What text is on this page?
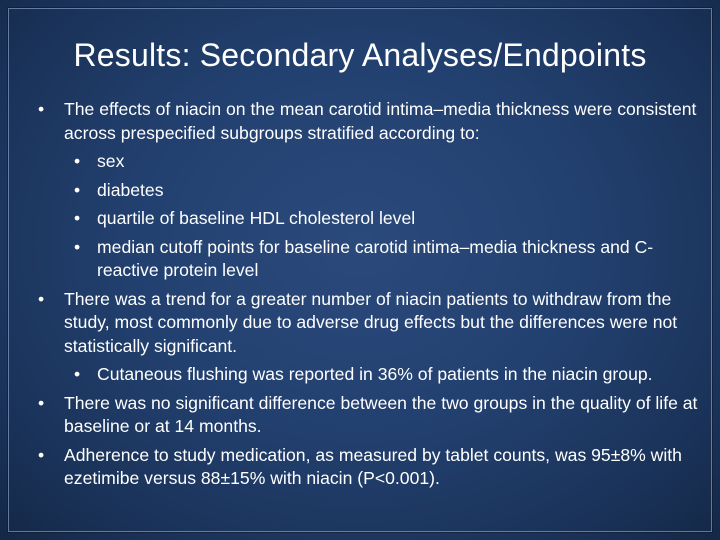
Results: Secondary Analyses/Endpoints
• The effects of niacin on the mean carotid intima–media thickness were consistent across prespecified subgroups stratified according to:
• sex
• diabetes
• quartile of baseline HDL cholesterol level
• median cutoff points for baseline carotid intima–media thickness and C-reactive protein level
• There was a trend for a greater number of niacin patients to withdraw from the study, most commonly due to adverse drug effects but the differences were not statistically significant.
• Cutaneous flushing was reported in 36% of patients in the niacin group.
• There was no significant difference between the two groups in the quality of life at baseline or at 14 months.
• Adherence to study medication, as measured by tablet counts, was 95±8% with ezetimibe versus 88±15% with niacin (P<0.001).
